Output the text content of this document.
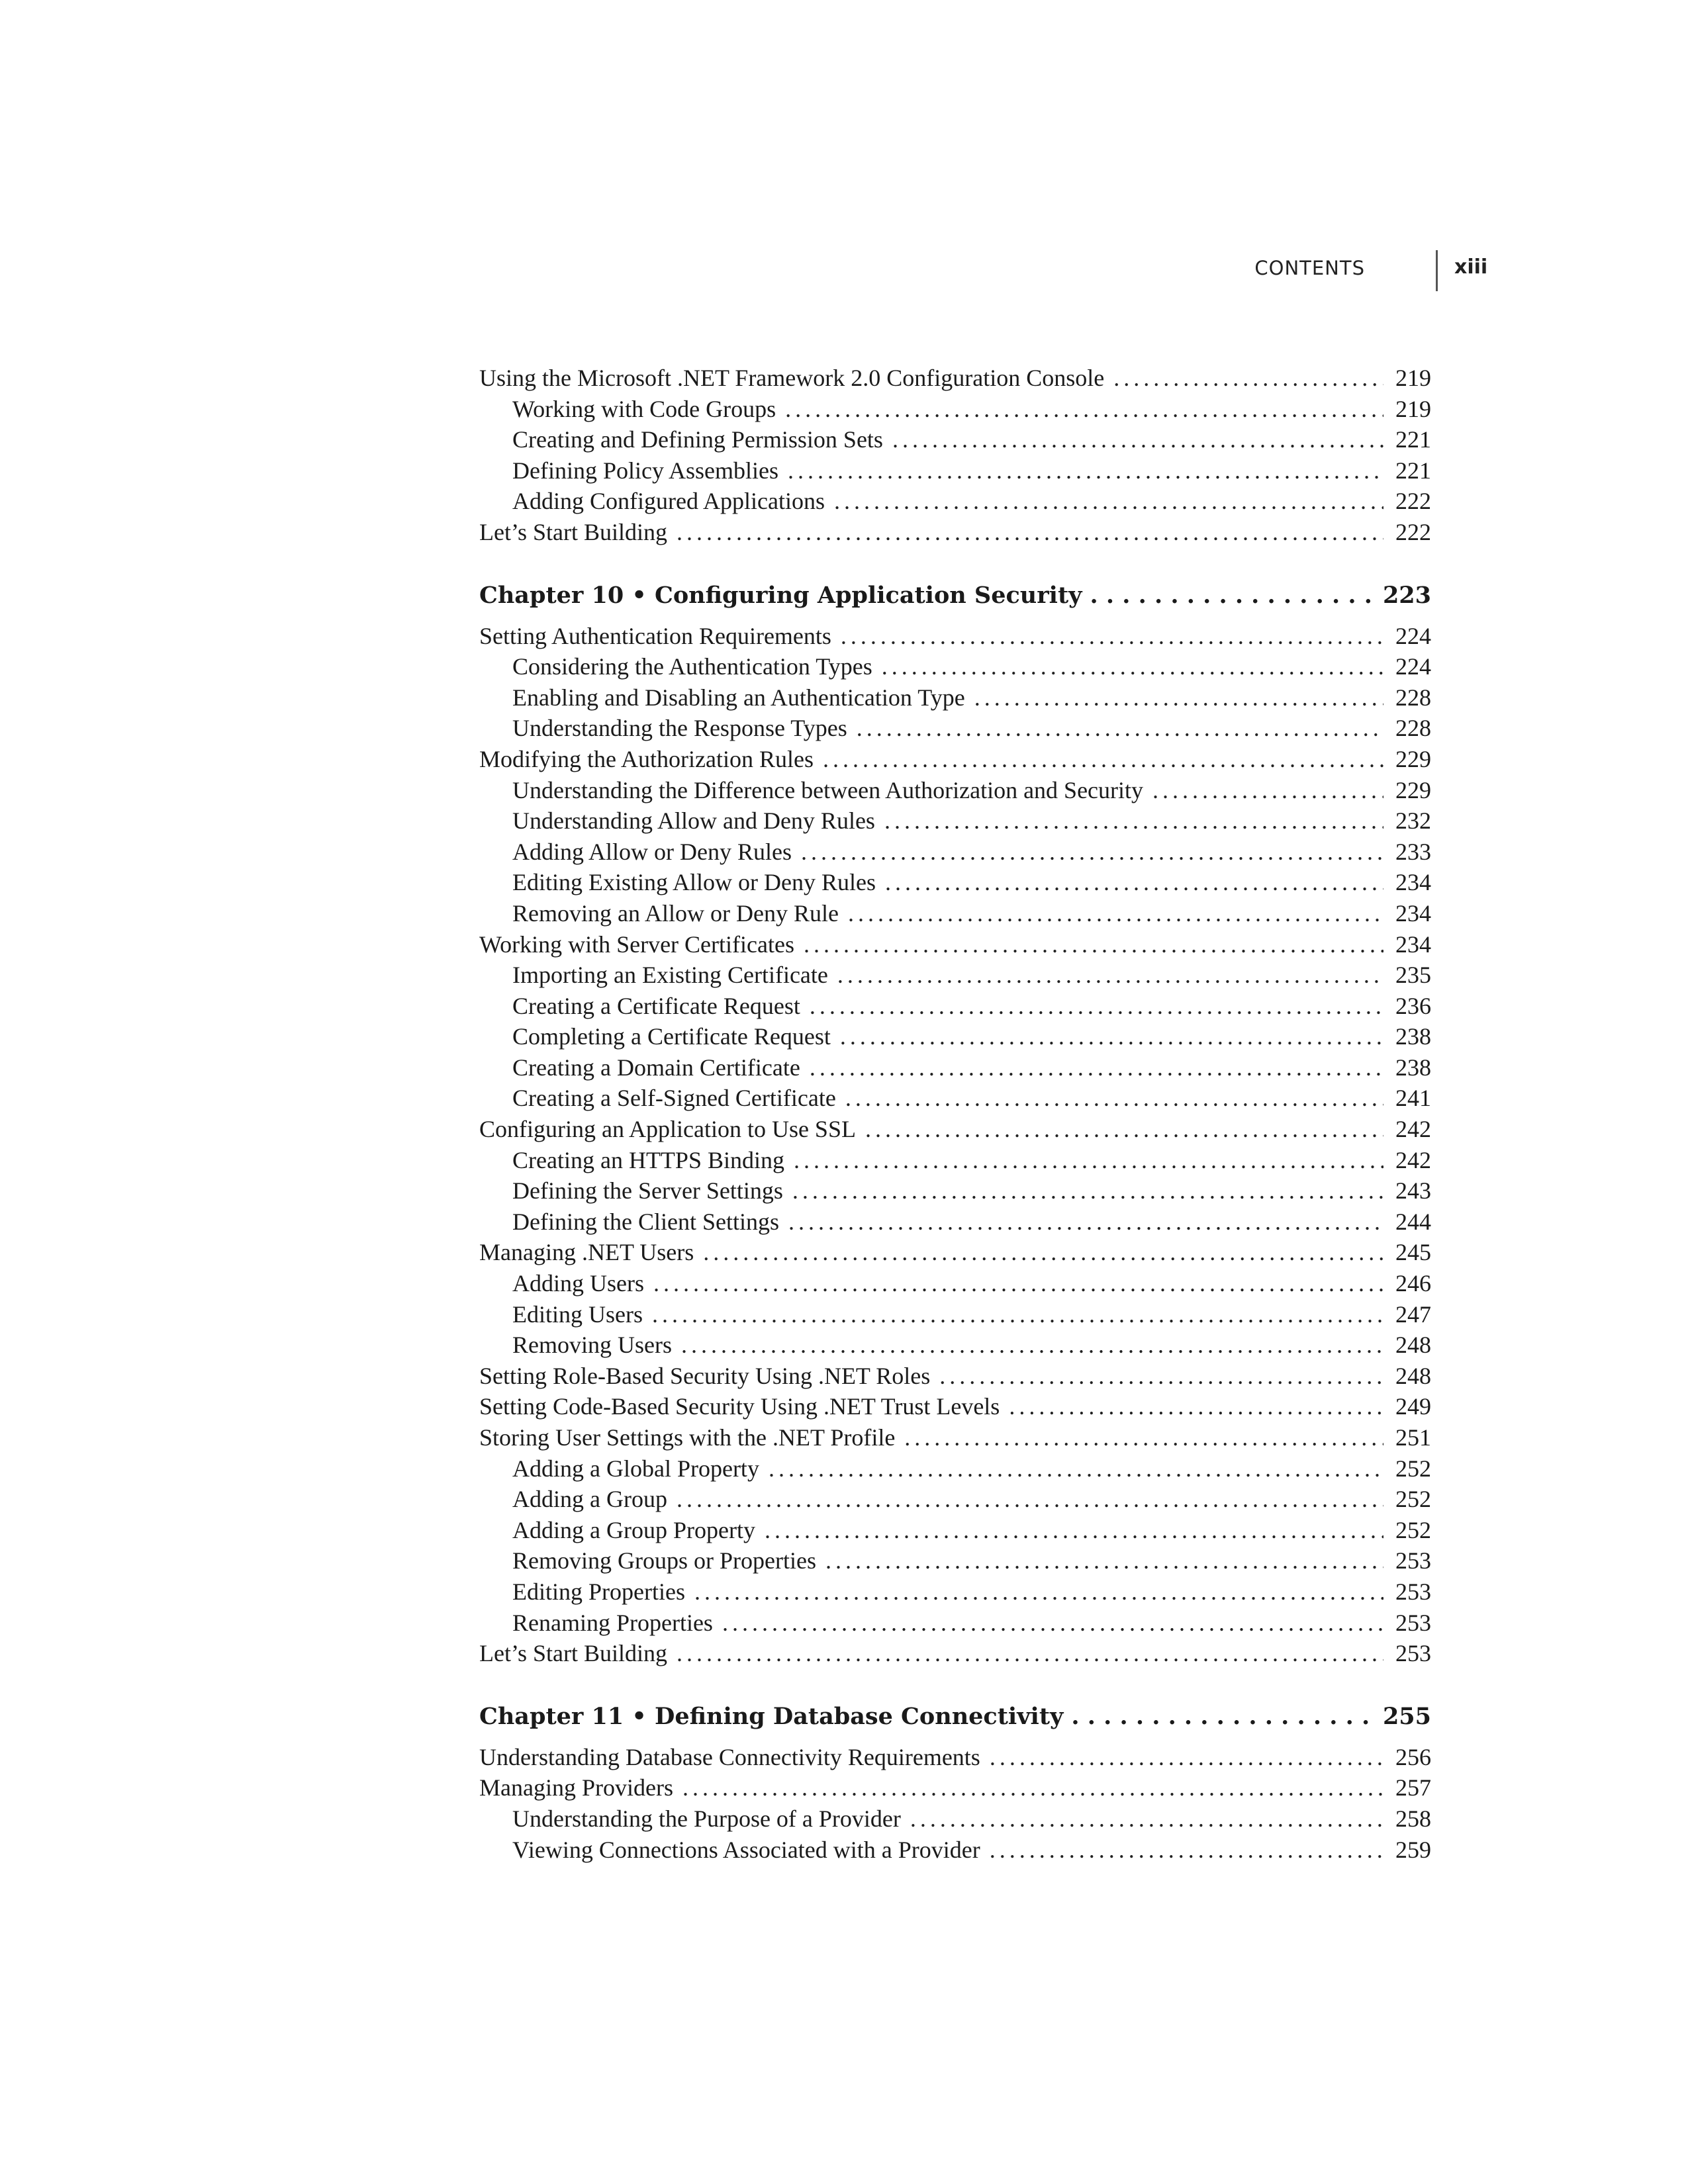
CONTENTS	xiii
Using the Microsoft .NET Framework 2.0 Configuration Console . . .	219
Working with Code Groups . . .	219
Creating and Defining Permission Sets . . .	221
Defining Policy Assemblies . . .	221
Adding Configured Applications . . .	222
Let’s Start Building . . .	222
Chapter 10 • Configuring Application Security . . .	223
Setting Authentication Requirements . . .	224
Considering the Authentication Types . . .	224
Enabling and Disabling an Authentication Type . . .	228
Understanding the Response Types . . .	228
Modifying the Authorization Rules . . .	229
Understanding the Difference between Authorization and Security . . .	229
Understanding Allow and Deny Rules . . .	232
Adding Allow or Deny Rules . . .	233
Editing Existing Allow or Deny Rules . . .	234
Removing an Allow or Deny Rule . . .	234
Working with Server Certificates . . .	234
Importing an Existing Certificate . . .	235
Creating a Certificate Request . . .	236
Completing a Certificate Request . . .	238
Creating a Domain Certificate . . .	238
Creating a Self-Signed Certificate . . .	241
Configuring an Application to Use SSL . . .	242
Creating an HTTPS Binding . . .	242
Defining the Server Settings . . .	243
Defining the Client Settings . . .	244
Managing .NET Users . . .	245
Adding Users . . .	246
Editing Users . . .	247
Removing Users . . .	248
Setting Role-Based Security Using .NET Roles . . .	248
Setting Code-Based Security Using .NET Trust Levels . . .	249
Storing User Settings with the .NET Profile . . .	251
Adding a Global Property . . .	252
Adding a Group . . .	252
Adding a Group Property . . .	252
Removing Groups or Properties . . .	253
Editing Properties . . .	253
Renaming Properties . . .	253
Let’s Start Building . . .	253
Chapter 11 • Defining Database Connectivity . . .	255
Understanding Database Connectivity Requirements . . .	256
Managing Providers . . .	257
Understanding the Purpose of a Provider . . .	258
Viewing Connections Associated with a Provider . . .	259
